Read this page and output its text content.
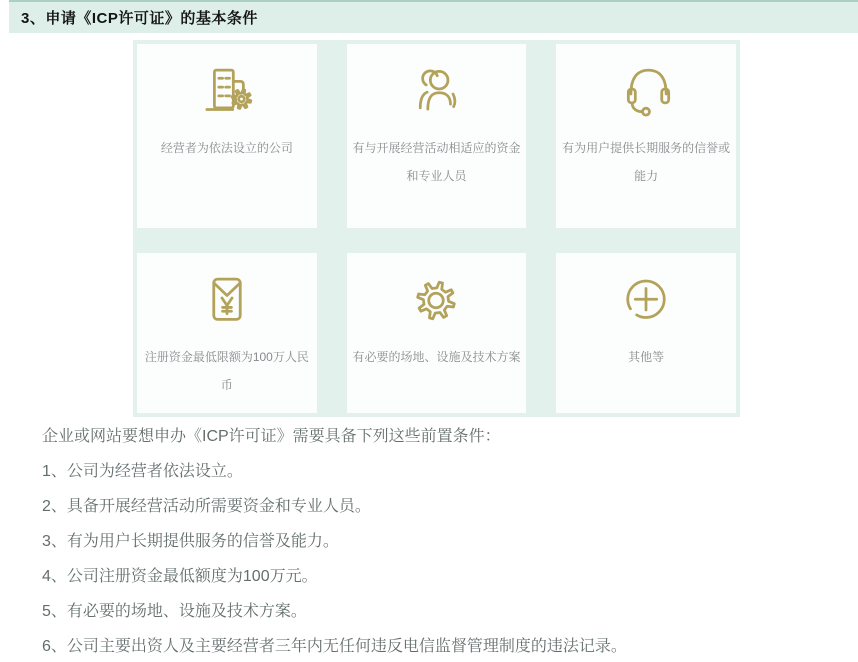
3、申请《ICP许可证》的基本条件
经营者为依法设立的公司	有与开展经营活动相适应的资金
和专业人员
有为用户提供长期服务的信誉或
能力
注册资金最低限额为100万人民
币
有必要的场地、设施及技术方案	其他等

企业或网站要想申办《ICP许可证》需要具备下列这些前置条件：

1、公司为经营者依法设立。

2、具备开展经营活动所需要资金和专业人员。

3、有为用户长期提供服务的信誉及能力。

4、公司注册资金最低额度为100万元。

5、有必要的场地、设施及技术方案。

6、公司主要出资人及主要经营者三年内无任何违反电信监督管理制度的违法记录。
